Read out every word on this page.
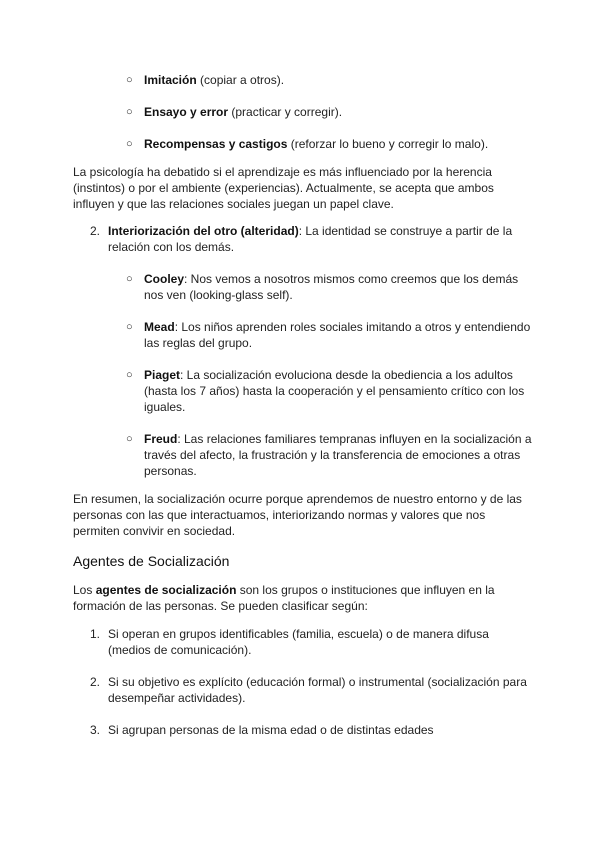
○ Imitación (copiar a otros).

○ Ensayo y error (practicar y corregir).

○ Recompensas y castigos (reforzar lo bueno y corregir lo malo).

La psicología ha debatido si el aprendizaje es más influenciado por la herencia (instintos) o por el ambiente (experiencias). Actualmente, se acepta que ambos influyen y que las relaciones sociales juegan un papel clave.

2. Interiorización del otro (alteridad): La identidad se construye a partir de la relación con los demás.

○ Cooley: Nos vemos a nosotros mismos como creemos que los demás nos ven (looking-glass self).

○ Mead: Los niños aprenden roles sociales imitando a otros y entendiendo las reglas del grupo.

○ Piaget: La socialización evoluciona desde la obediencia a los adultos (hasta los 7 años) hasta la cooperación y el pensamiento crítico con los iguales.

○ Freud: Las relaciones familiares tempranas influyen en la socialización a través del afecto, la frustración y la transferencia de emociones a otras personas.

En resumen, la socialización ocurre porque aprendemos de nuestro entorno y de las personas con las que interactuamos, interiorizando normas y valores que nos permiten convivir en sociedad.

Agentes de Socialización

Los agentes de socialización son los grupos o instituciones que influyen en la formación de las personas. Se pueden clasificar según:

1. Si operan en grupos identificables (familia, escuela) o de manera difusa (medios de comunicación).

2. Si su objetivo es explícito (educación formal) o instrumental (socialización para desempeñar actividades).

3. Si agrupan personas de la misma edad o de distintas edades
